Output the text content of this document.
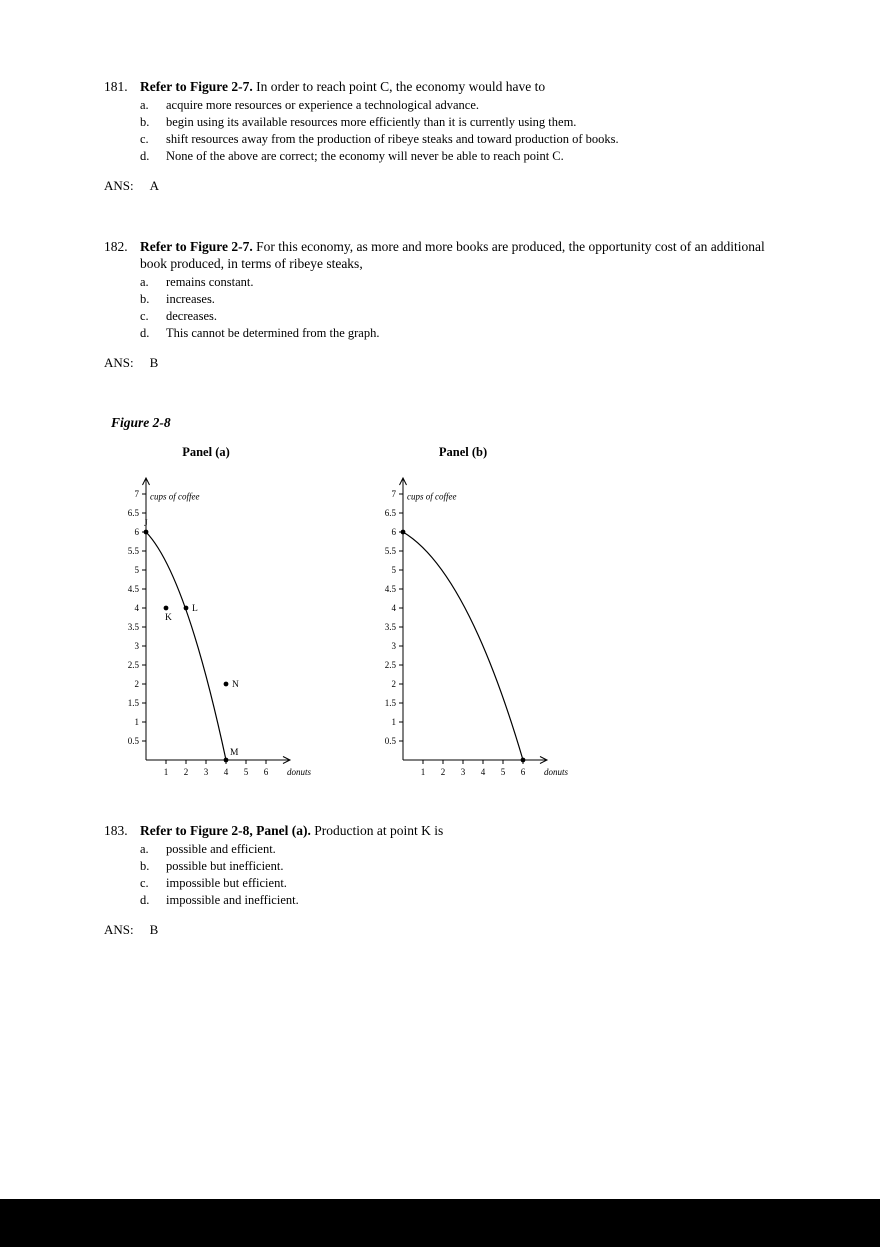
181. Refer to Figure 2-7. In order to reach point C, the economy would have to
a.	acquire more resources or experience a technological advance.
b.	begin using its available resources more efficiently than it is currently using them.
c.	shift resources away from the production of ribeye steaks and toward production of books.
d.	None of the above are correct; the economy will never be able to reach point C.
ANS: A
182. Refer to Figure 2-7. For this economy, as more and more books are produced, the opportunity cost of an additional book produced, in terms of ribeye steaks,
a.	remains constant.
b.	increases.
c.	decreases.
d.	This cannot be determined from the graph.
ANS: B
Figure 2-8
Panel (a)
0.5
1
1.5
2
2.5
3
3.5
4
4.5
5
5.5
6
6.5
7
1 2 3 4 5 6
cups of coffee
donuts
J
K
L
N
M
Panel (b)
0.5
1
1.5
2
2.5
3
3.5
4
4.5
5
5.5
6
6.5
7
1 2 3 4 5 6
cups of coffee
donuts
183. Refer to Figure 2-8, Panel (a). Production at point K is
a.	possible and efficient.
b.	possible but inefficient.
c.	impossible but efficient.
d.	impossible and inefficient.
ANS: B
